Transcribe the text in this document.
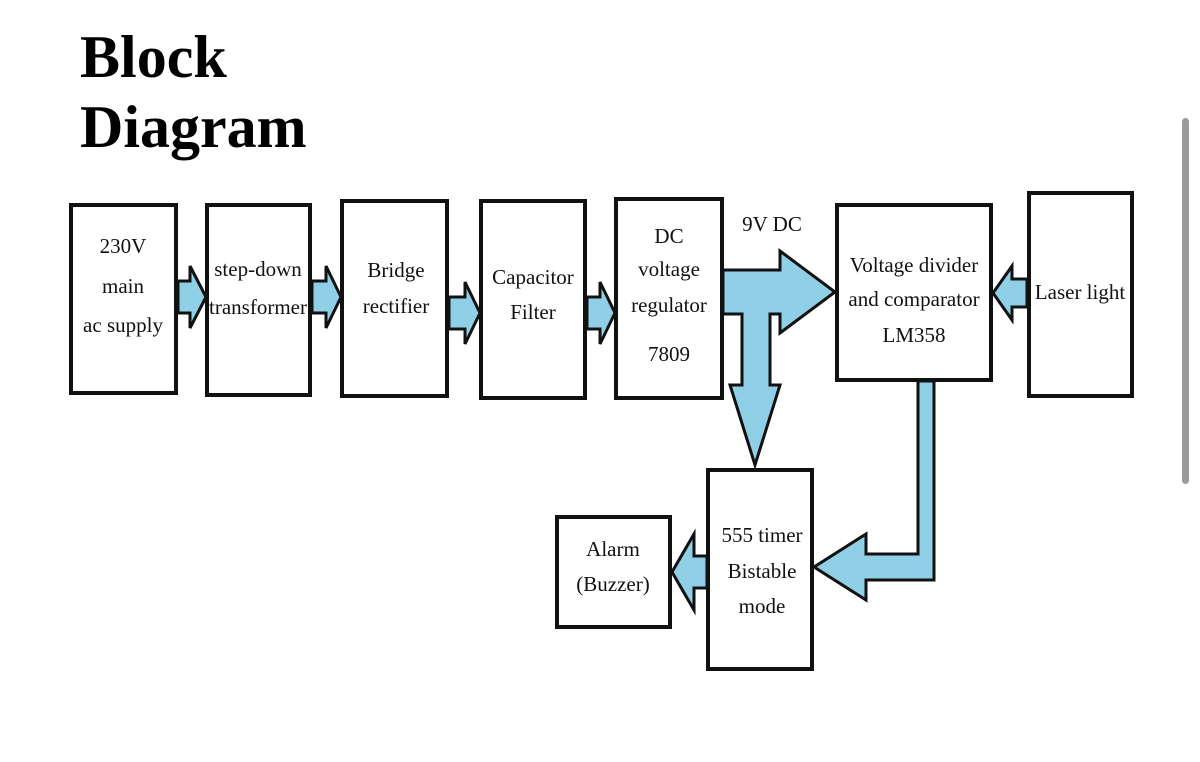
Block
Diagram
230V
main
ac supply
step-down
transformer
Bridge
rectifier
Capacitor
Filter
DC
voltage
regulator
7809
9V DC
Voltage divider
and comparator
LM358
Laser light
555 timer
Bistable
mode
Alarm
(Buzzer)
